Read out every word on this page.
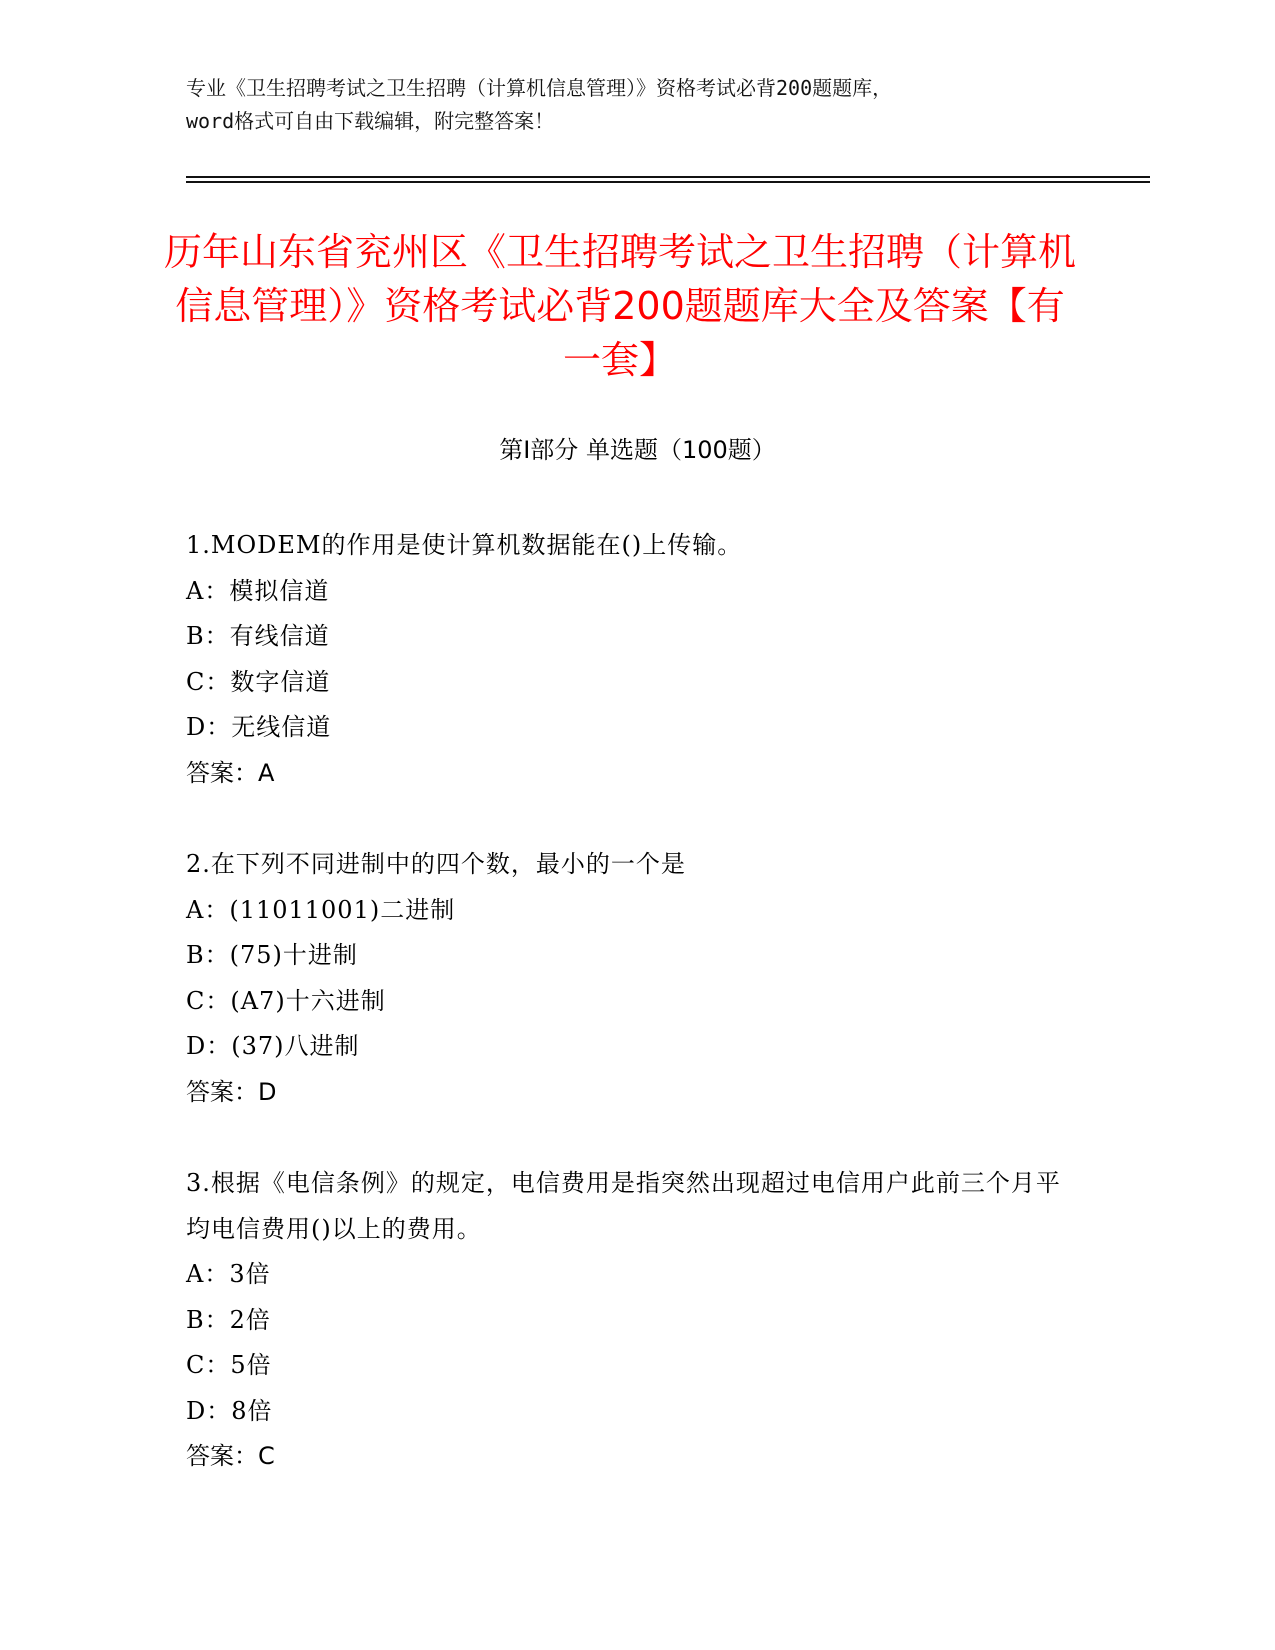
专业《卫生招聘考试之卫生招聘（计算机信息管理）》资格考试必背200题题库，
word格式可自由下载编辑，附完整答案！
历年山东省兖州区《卫生招聘考试之卫生招聘（计算机信息管理）》资格考试必背200题题库大全及答案【有一套】
第I部分 单选题（100题）
1.MODEM的作用是使计算机数据能在()上传输。
A：模拟信道
B：有线信道
C：数字信道
D：无线信道
答案：A
2.在下列不同进制中的四个数，最小的一个是
A：(11011001)二进制
B：(75)十进制
C：(A7)十六进制
D：(37)八进制
答案：D
3.根据《电信条例》的规定，电信费用是指突然出现超过电信用户此前三个月平均电信费用()以上的费用。
A：3倍
B：2倍
C：5倍
D：8倍
答案：C
